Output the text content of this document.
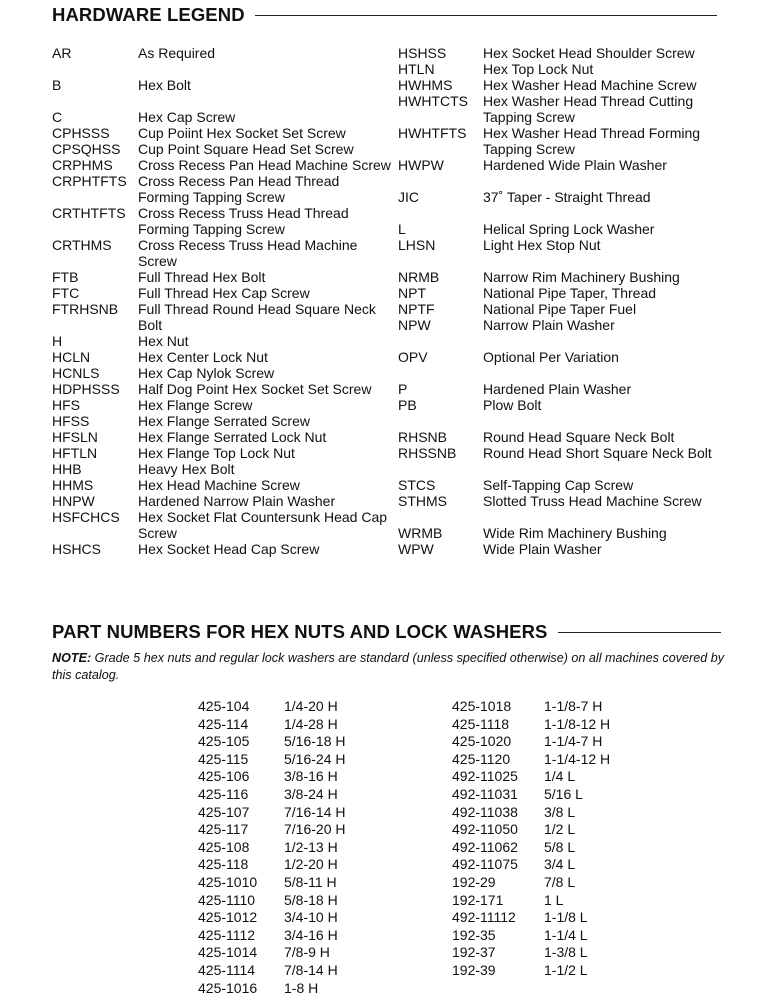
HARDWARE LEGEND
AR	As Required
B	Hex Bolt
C	Hex Cap Screw
CPHSSS	Cup Poiint Hex Socket Set Screw
CPSQHSS	Cup Point Square Head Set Screw
CRPHMS	Cross Recess Pan Head Machine Screw
CRPHTFTS Cross Recess Pan Head Thread Forming Tapping Screw
CRTHTFTS Cross Recess Truss Head Thread Forming Tapping Screw
CRTHMS	Cross Recess Truss Head Machine Screw
FTB	Full Thread Hex Bolt
FTC	Full Thread Hex Cap Screw
FTRHSNB	Full Thread Round Head Square Neck Bolt
H	Hex Nut
HCLN	Hex Center Lock Nut
HCNLS	Hex Cap Nylok Screw
HDPHSSS	Half Dog Point Hex Socket Set Screw
HFS	Hex Flange Screw
HFSS	Hex Flange Serrated Screw
HFSLN	Hex Flange Serrated Lock Nut
HFTLN	Hex Flange Top Lock Nut
HHB	Heavy Hex Bolt
HHMS	Hex Head Machine Screw
HNPW	Hardened Narrow Plain Washer
HSFCHCS	Hex Socket Flat Countersunk Head Cap Screw
HSHCS	Hex Socket Head Cap Screw
HSHSS	Hex Socket Head Shoulder Screw
HTLN	Hex Top Lock Nut
HWHMS	Hex Washer Head Machine Screw
HWHTCTS	Hex Washer Head Thread Cutting Tapping Screw
HWHTFTS	Hex Washer Head Thread Forming Tapping Screw
HWPW	Hardened Wide Plain Washer
JIC	37˚ Taper - Straight Thread
L	Helical Spring Lock Washer
LHSN	Light Hex Stop Nut
NRMB	Narrow Rim Machinery Bushing
NPT	National Pipe Taper, Thread
NPTF	National Pipe Taper Fuel
NPW	Narrow Plain Washer
OPV	Optional Per Variation
P	Hardened Plain Washer
PB	Plow Bolt
RHSNB	Round Head Square Neck Bolt
RHSSNB	Round Head Short Square Neck Bolt
STCS	Self-Tapping Cap Screw
STHMS	Slotted Truss Head Machine Screw
WRMB	Wide Rim Machinery Bushing
WPW	Wide Plain Washer
PART NUMBERS FOR HEX NUTS AND LOCK WASHERS
NOTE: Grade 5 hex nuts and regular lock washers are standard (unless specified otherwise) on all machines covered by this catalog.
425-104	1/4-20 H
425-114	1/4-28 H
425-105	5/16-18 H
425-115	5/16-24 H
425-106	3/8-16 H
425-116	3/8-24 H
425-107	7/16-14 H
425-117	7/16-20 H
425-108	1/2-13 H
425-118	1/2-20 H
425-1010	5/8-11 H
425-1110	5/8-18 H
425-1012	3/4-10 H
425-1112	3/4-16 H
425-1014	7/8-9 H
425-1114	7/8-14 H
425-1016	1-8 H
425-1018	1-1/8-7 H
425-1118	1-1/8-12 H
425-1020	1-1/4-7 H
425-1120	1-1/4-12 H
492-11025	1/4 L
492-11031	5/16 L
492-11038	3/8 L
492-11050	1/2 L
492-11062	5/8 L
492-11075	3/4 L
192-29	7/8 L
192-171	1 L
492-11112	1-1/8 L
192-35	1-1/4 L
192-37	1-3/8 L
192-39	1-1/2 L
